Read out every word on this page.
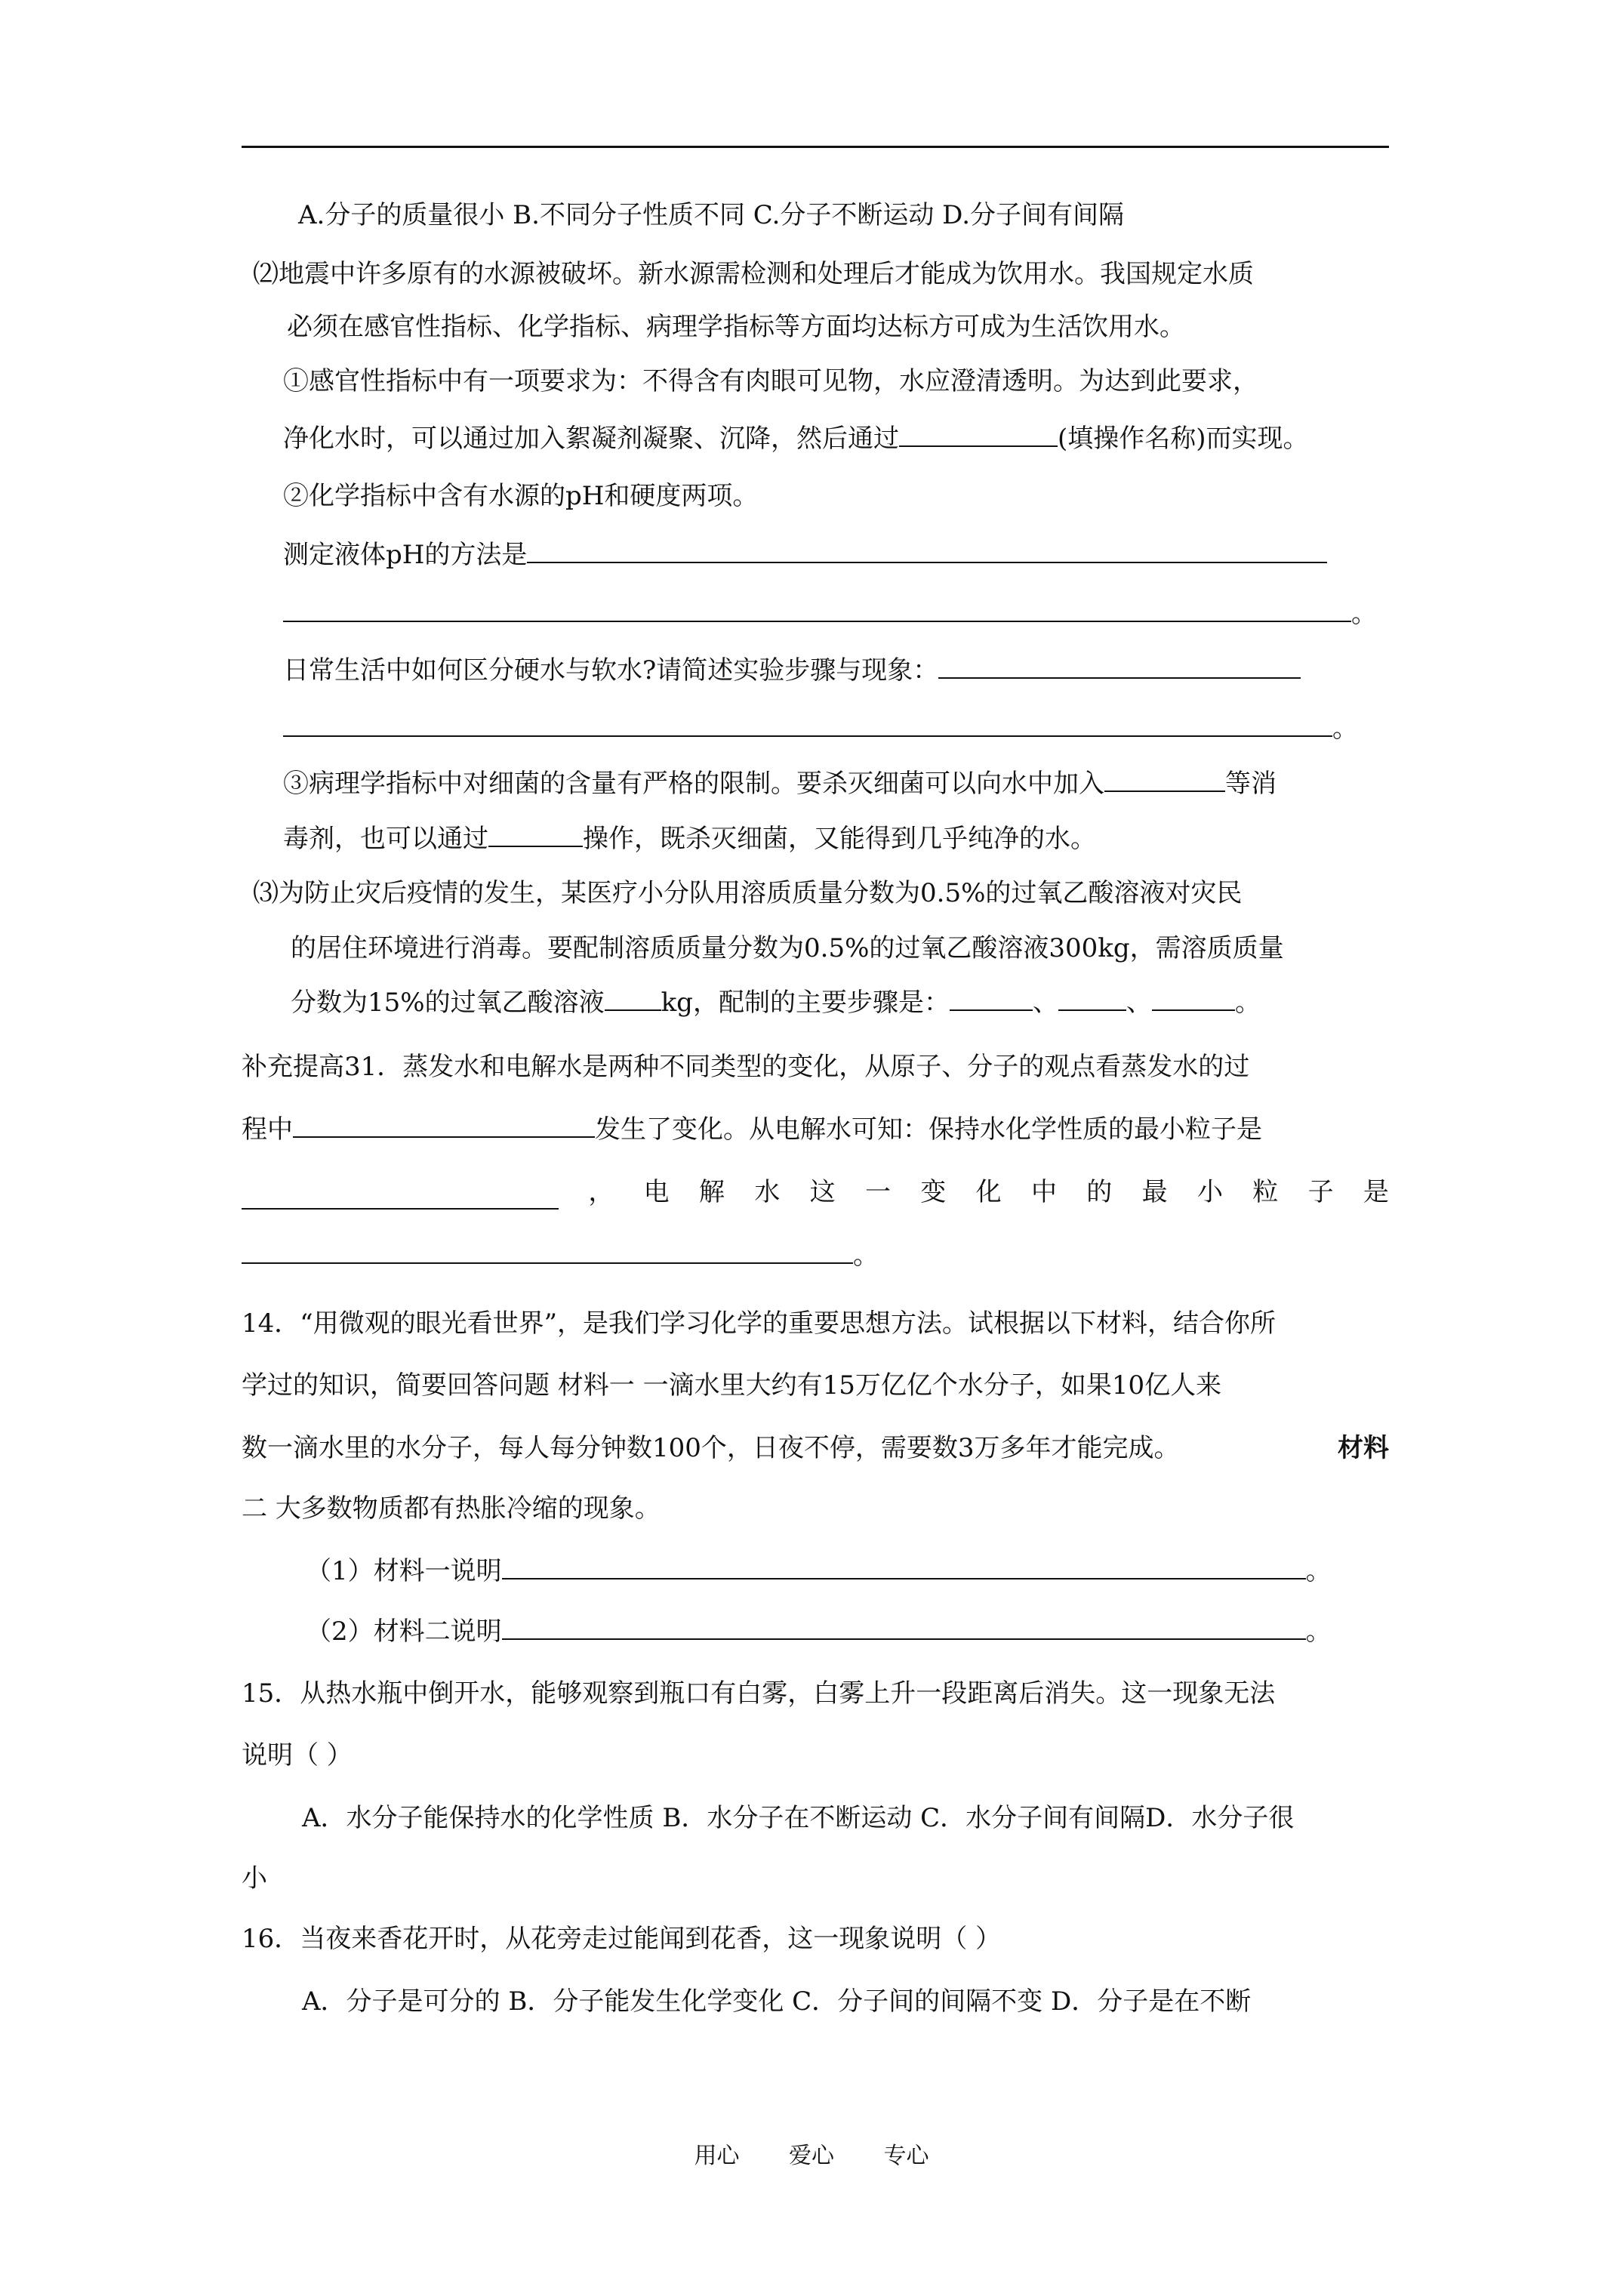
A.分子的质量很小 B.不同分子性质不同 C.分子不断运动 D.分子间有间隔
⑵地震中许多原有的水源被破坏。新水源需检测和处理后才能成为饮用水。我国规定水质
必须在感官性指标、化学指标、病理学指标等方面均达标方可成为生活饮用水。
①感官性指标中有一项要求为：不得含有肉眼可见物，水应澄清透明。为达到此要求，
净化水时，可以通过加入絮凝剂凝聚、沉降，然后通过	(填操作名称)而实现。
②化学指标中含有水源的pH和硬度两项。
测定液体pH的方法是
。
日常生活中如何区分硬水与软水?请简述实验步骤与现象：
。
③病理学指标中对细菌的含量有严格的限制。要杀灭细菌可以向水中加入	等消
毒剂，也可以通过	操作，既杀灭细菌，又能得到几乎纯净的水。
⑶为防止灾后疫情的发生，某医疗小分队用溶质质量分数为0.5%的过氧乙酸溶液对灾民
的居住环境进行消毒。要配制溶质质量分数为0.5%的过氧乙酸溶液300kg，需溶质质量
分数为15%的过氧乙酸溶液 kg，配制的主要步骤是：	、	、	。
补充提高31．蒸发水和电解水是两种不同类型的变化，从原子、分子的观点看蒸发水的过
程中	发生了变化。从电解水可知：保持水化学性质的最小粒子是
， 电 解 水 这 一 变 化 中 的 最 小 粒 子 是
。
14．“用微观的眼光看世界”，是我们学习化学的重要思想方法。试根据以下材料，结合你所
学过的知识，简要回答问题 材料一 一滴水里大约有15万亿亿个水分子，如果10亿人来
数一滴水里的水分子，每人每分钟数100个，日夜不停，需要数3万多年才能完成。	材料
二 大多数物质都有热胀冷缩的现象。
（1）材料一说明	。
（2）材料二说明	。
15．从热水瓶中倒开水，能够观察到瓶口有白雾，白雾上升一段距离后消失。这一现象无法
说明（ ）
A．水分子能保持水的化学性质 B．水分子在不断运动 C．水分子间有间隔D．水分子很
小
16．当夜来香花开时，从花旁走过能闻到花香，这一现象说明（ ）
A．分子是可分的 B．分子能发生化学变化 C．分子间的间隔不变 D．分子是在不断
用心 爱心 专心
